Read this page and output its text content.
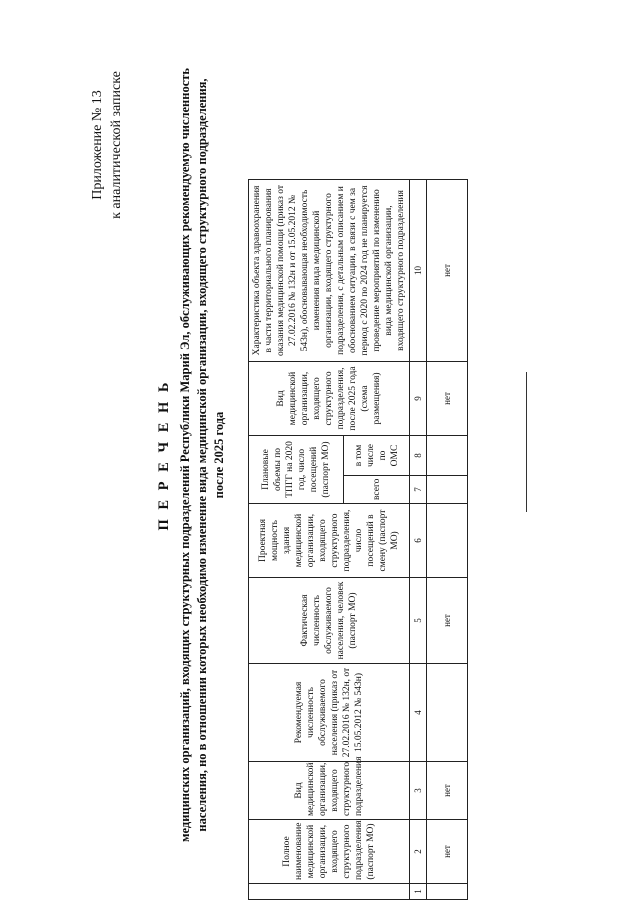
Приложение № 13 к аналитической записке
П Е Р Е Ч Е Н Ь медицинских организаций, входящих структурных подразделений Республики Марий Эл, обслуживающих рекомендуемую численность населения, но в отношении которых необходимо изменение вида медицинской организации, входящего структурного подразделения, после 2025 года
	Полное наименование медицинской организации, входящего структурного подразделения (паспорт МО)	Вид медицинской организации, входящего структурного подразделения	Рекомендуемая численность обслуживаемого населения (приказ от 27.02.2016 № 132н, от 15.05.2012 № 543н)	Фактическая численность обслуживаемого населения, человек (паспорт МО)	Проектная мощность здания медицинской организации, входящего структурного подразделения, число посещений в смену (паспорт МО)	Плановые объемы по ТПГГ на 2020 год, число посещений (паспорт МО)		Вид медицинской организации, входящего структурного подразделения, после 2025 года (схема размещения)	Характеристика объекта здравоохранения в части территориального планирования оказания медицинской помощи (приказ от 27.02.2016 № 132н и от 15.05.2012 № 543н), обосновывающая необходимость изменения вида медицинской организации, входящего структурного подразделения, с детальным описанием и обоснованием ситуации, в связи с чем за период с 2020 по 2024 год не планируется проведение мероприятий по изменению вида медицинской организации, входящего структурного подразделения	
						всего	в том числе по ОМС			
1	2	3	4	5	6	7	8	9	10	
	нет	нет		нет				нет	нет	
